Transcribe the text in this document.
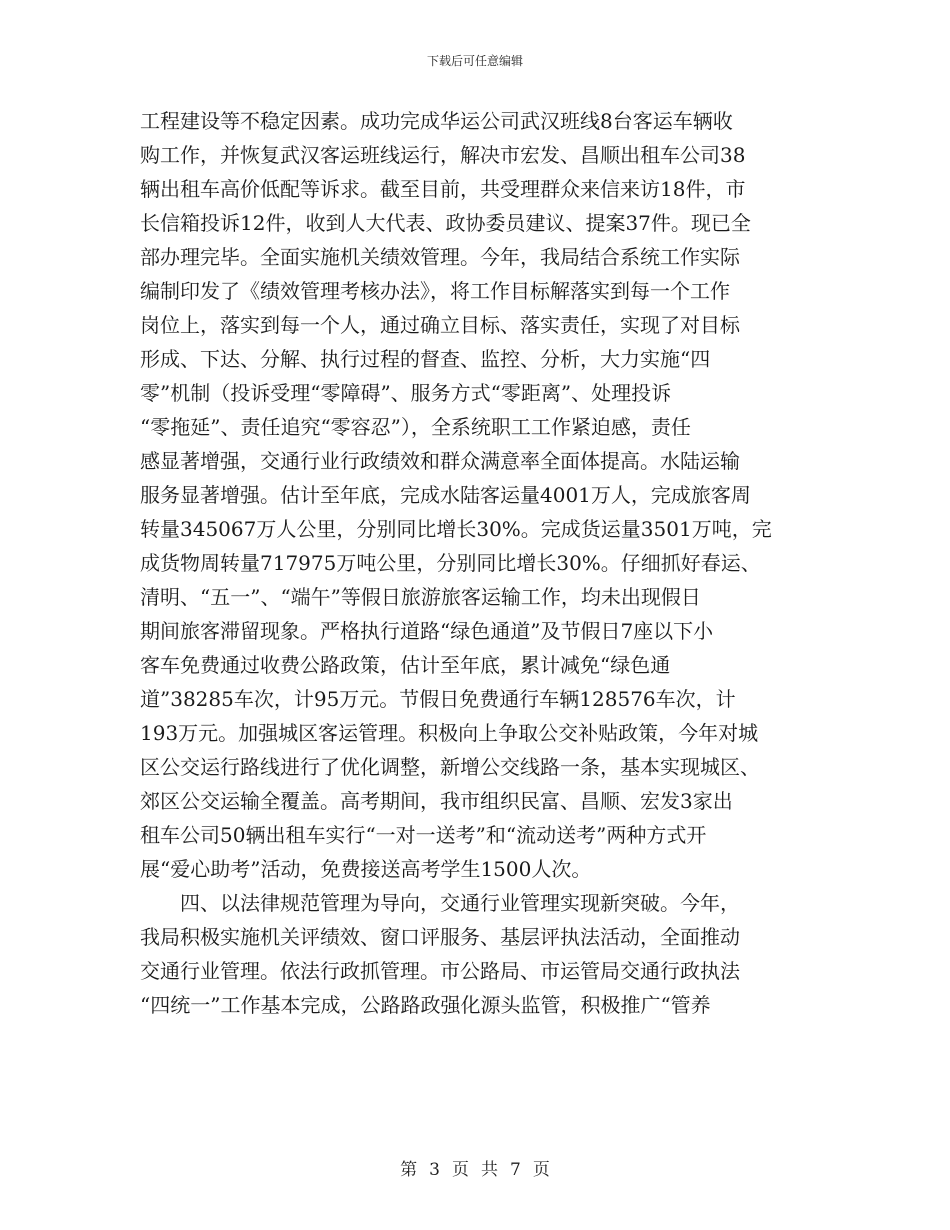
下载后可任意编辑
工程建设等不稳定因素。成功完成华运公司武汉班线8台客运车辆收
购工作，并恢复武汉客运班线运行，解决市宏发、昌顺出租车公司38
辆出租车高价低配等诉求。截至目前，共受理群众来信来访18件，市
长信箱投诉12件，收到人大代表、政协委员建议、提案37件。现已全
部办理完毕。全面实施机关绩效管理。今年，我局结合系统工作实际
编制印发了《绩效管理考核办法》，将工作目标解落实到每一个工作
岗位上，落实到每一个人，通过确立目标、落实责任，实现了对目标
形成、下达、分解、执行过程的督查、监控、分析，大力实施“四
零”机制（投诉受理“零障碍”、服务方式“零距离”、处理投诉
“零拖延”、责任追究“零容忍”），全系统职工工作紧迫感，责任
感显著增强，交通行业行政绩效和群众满意率全面体提高。水陆运输
服务显著增强。估计至年底，完成水陆客运量4001万人，完成旅客周
转量345067万人公里，分别同比增长30%。完成货运量3501万吨，完
成货物周转量717975万吨公里，分别同比增长30%。仔细抓好春运、
清明、“五一”、“端午”等假日旅游旅客运输工作，均未出现假日
期间旅客滞留现象。严格执行道路“绿色通道”及节假日7座以下小
客车免费通过收费公路政策，估计至年底，累计减免“绿色通
道”38285车次，计95万元。节假日免费通行车辆128576车次，计
193万元。加强城区客运管理。积极向上争取公交补贴政策，今年对城
区公交运行路线进行了优化调整，新增公交线路一条，基本实现城区、
郊区公交运输全覆盖。高考期间，我市组织民富、昌顺、宏发3家出
租车公司50辆出租车实行“一对一送考”和“流动送考”两种方式开
展“爱心助考”活动，免费接送高考学生1500人次。
　　四、以法律规范管理为导向，交通行业管理实现新突破。今年，
我局积极实施机关评绩效、窗口评服务、基层评执法活动，全面推动
交通行业管理。依法行政抓管理。市公路局、市运管局交通行政执法
“四统一”工作基本完成，公路路政强化源头监管，积极推广“管养
第 3 页 共 7 页
